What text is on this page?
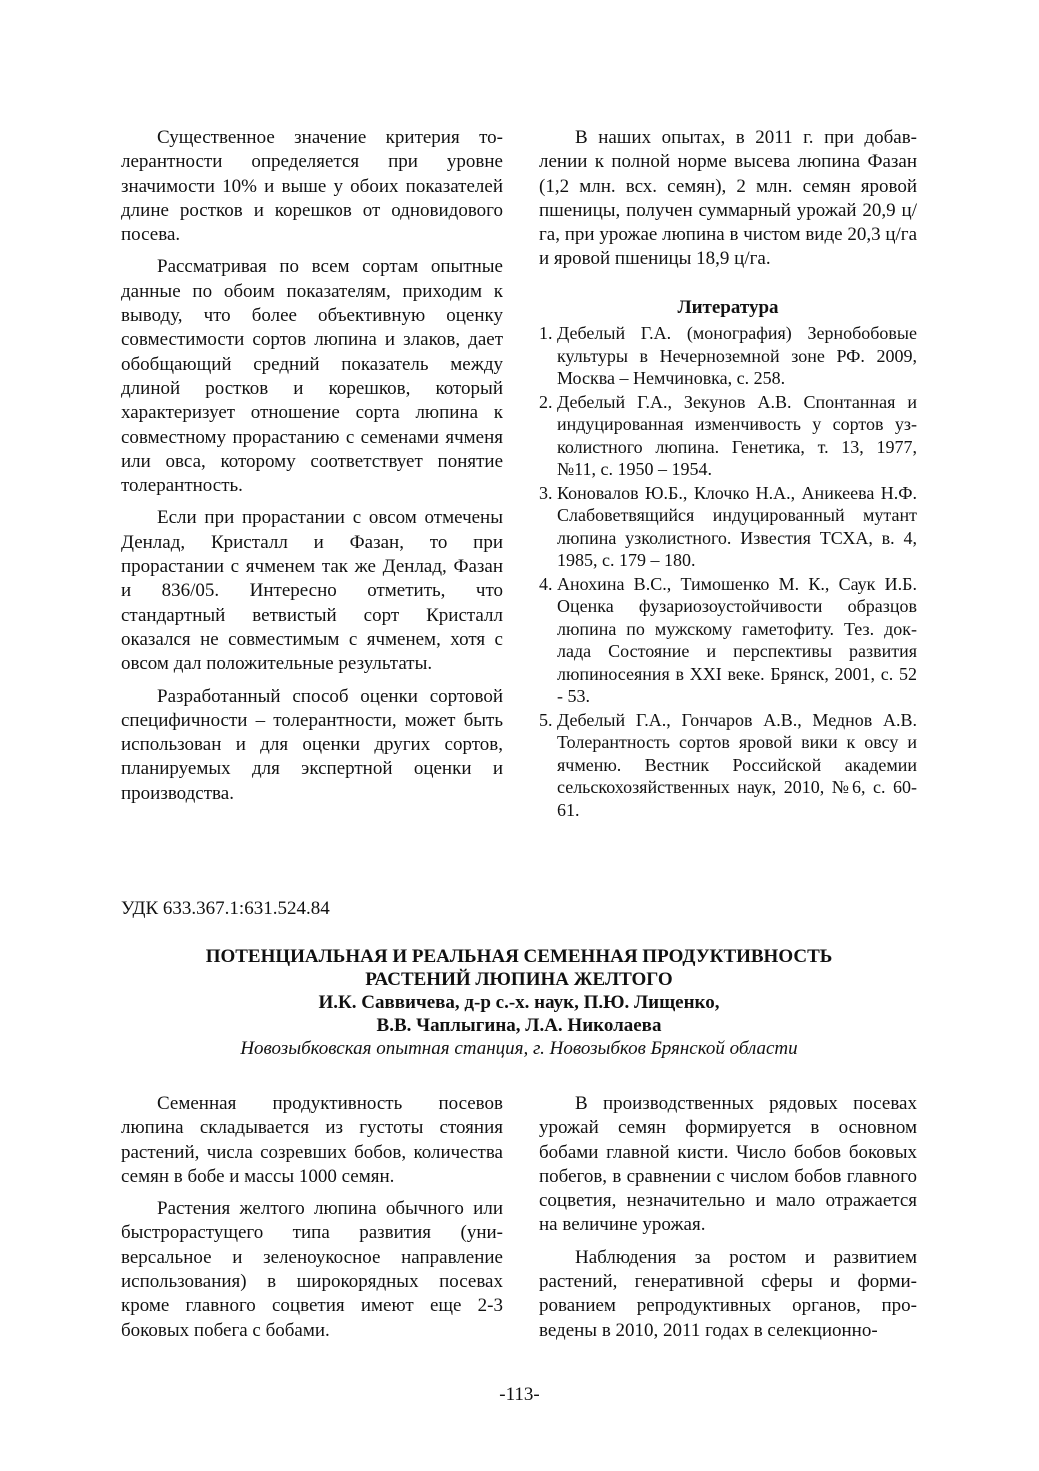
Существенное значение критерия толерантности определяется при уровне значимости 10% и выше у обоих показателей длине ростков и корешков от одновидового посева.

Рассматривая по всем сортам опытные данные по обоим показателям, приходим к выводу, что более объективную оценку совместимости сортов люпина и злаков, дает обобщающий средний показатель между длиной ростков и корешков, который характеризует отношение сорта люпина к совместному прорастанию с семенами ячменя или овса, которому соответствует понятие толерантность.

Если при прорастании с овсом отмечены Денлад, Кристалл и Фазан, то при прорастании с ячменем так же Денлад, Фазан и 836/05. Интересно отметить, что стандартный ветвистый сорт Кристалл оказался не совместимым с ячменем, хотя с овсом дал положительные результаты.

Разработанный способ оценки сортовой специфичности – толерантности, может быть использован и для оценки других сортов, планируемых для экспертной оценки и производства.

В наших опытах, в 2011 г. при добавлении к полной норме высева люпина Фазан (1,2 млн. всх. семян), 2 млн. семян яровой пшеницы, получен суммарный урожай 20,9 ц/га, при урожае люпина в чистом виде 20,3 ц/га и яровой пшеницы 18,9 ц/га.

Литература

1. Дебелый Г.А. (монография) Зернобобовые культуры в Нечерноземной зоне РФ. 2009, Москва – Немчиновка, с. 258.
2. Дебелый Г.А., Зекунов А.В. Спонтанная и индуцированная изменчивость у сортов узколистного люпина. Генетика, т. 13, 1977, №11, с. 1950 – 1954.
3. Коновалов Ю.Б., Клочко Н.А., Аникеева Н.Ф. Слабоветвящийся индуцированный мутант люпина узколистного. Известия ТСХА, в. 4, 1985, с. 179 – 180.
4. Анохина В.С., Тимошенко М. К., Саук И.Б. Оценка фузариозоустойчивости образцов люпина по мужскому гаметофиту. Тез. доклада Состояние и перспективы развития люпиносеяния в XXI веке. Брянск, 2001, с. 52 - 53.
5. Дебелый Г.А., Гончаров А.В., Меднов А.В. Толерантность сортов яровой вики к овсу и ячменю. Вестник Российской академии сельскохозяйственных наук, 2010, №6, с. 60-61.
УДК 633.367.1:631.524.84
ПОТЕНЦИАЛЬНАЯ И РЕАЛЬНАЯ СЕМЕННАЯ ПРОДУКТИВНОСТЬ
РАСТЕНИЙ ЛЮПИНА ЖЕЛТОГО
И.К. Саввичева, д-р с.-х. наук, П.Ю. Лищенко,
В.В. Чаплыгина, Л.А. Николаева
Новозыбковская опытная станция, г. Новозыбков Брянской области

Семенная продуктивность посевов люпина складывается из густоты стояния растений, числа созревших бобов, количества семян в бобе и массы 1000 семян.

Растения желтого люпина обычного или быстрорастущего типа развития (универсальное и зеленоукосное направление использования) в широкорядных посевах кроме главного соцветия имеют еще 2-3 боковых побега с бобами.

В производственных рядовых посевах урожай семян формируется в основном бобами главной кисти. Число бобов боковых побегов, в сравнении с числом бобов главного соцветия, незначительно и мало отражается на величине урожая.

Наблюдения за ростом и развитием растений, генеративной сферы и формированием репродуктивных органов, проведены в 2010, 2011 годах в селекционно-

-113-
